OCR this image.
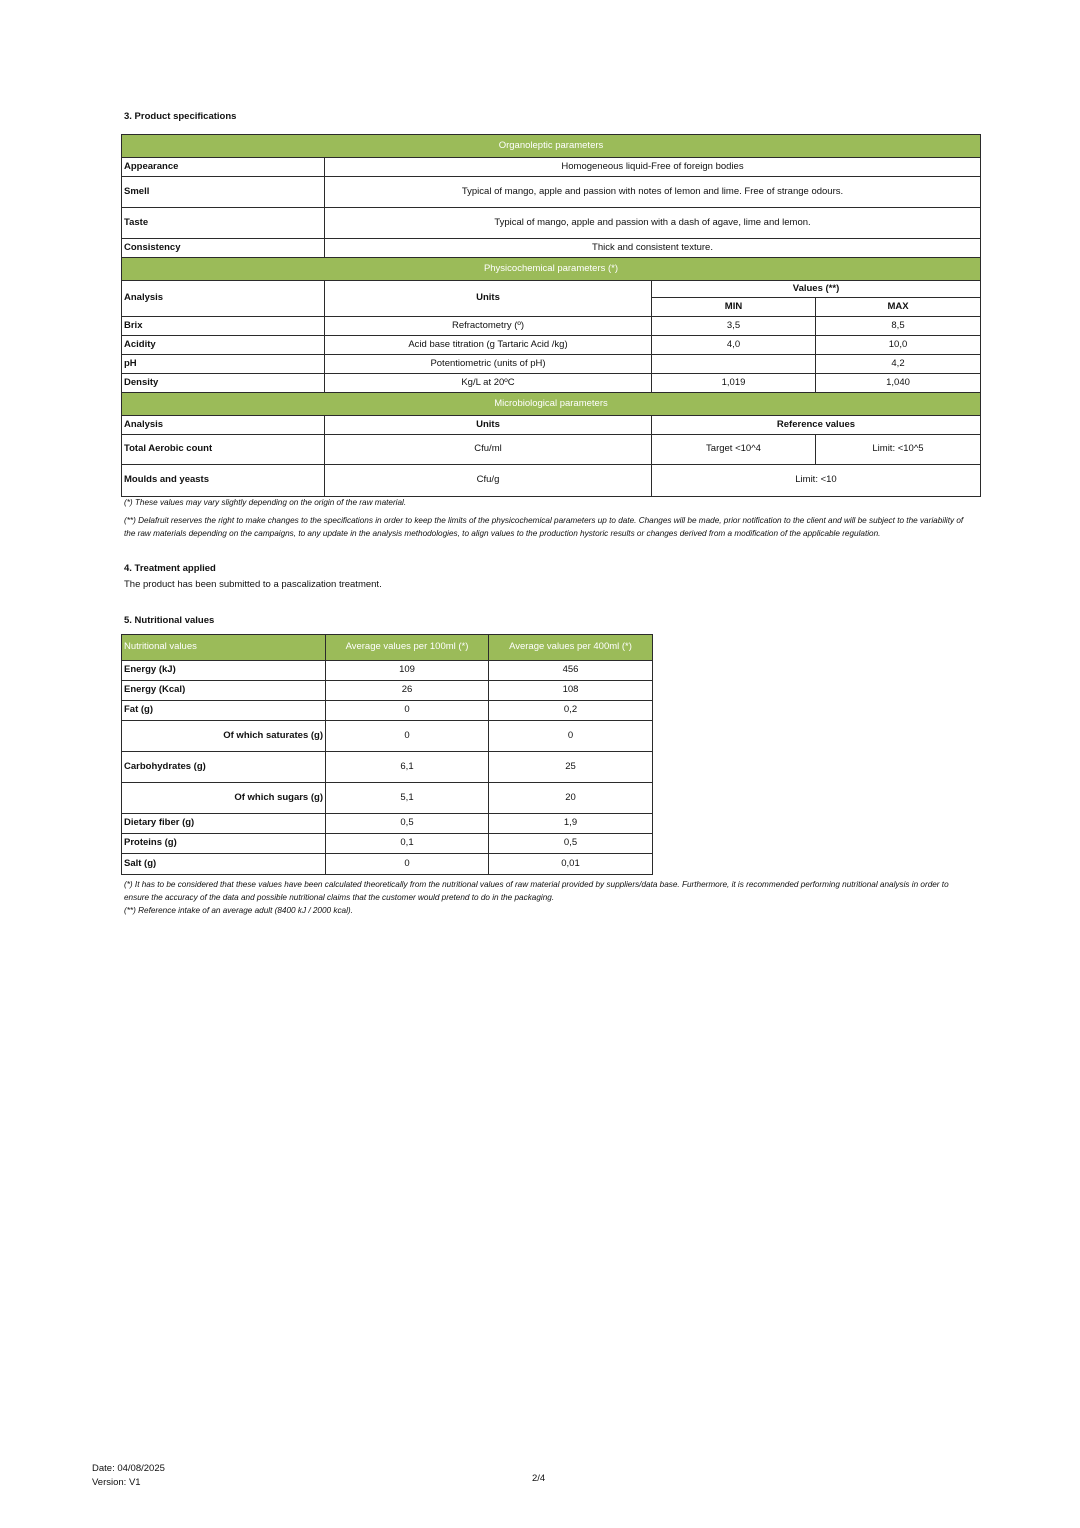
3. Product specifications
Organoleptic parameters			
Appearance	Homogeneous liquid-Free of foreign bodies		
Smell	Typical of mango, apple and passion with notes of lemon and lime. Free of strange odours.		
Taste	Typical of mango, apple and passion with a dash of agave, lime and lemon.		
Consistency	Thick and consistent texture.		
Physicochemical parameters (*)			
Analysis	Units	Values (**)	
		MIN	MAX
Brix	Refractometry (º)	3,5	8,5
Acidity	Acid base titration (g Tartaric Acid /kg)	4,0	10,0
pH	Potentiometric (units of pH)		4,2
Density	Kg/L at 20ºC	1,019	1,040
Microbiological parameters			
Analysis	Units	Reference values	
Total Aerobic count	Cfu/ml	Target <10^4	Limit: <10^5
Moulds and yeasts	Cfu/g	Limit: <10	
(*) These values may vary slightly depending on the origin of the raw material.
(**) Delafruit reserves the right to make changes to the specifications in order to keep the limits of the physicochemical parameters up to date. Changes will be made, prior notification to the client and will be subject to the variability of the raw materials depending on the campaigns, to any update in the analysis methodologies, to align values to the production hystoric results or changes derived from a modification of the applicable regulation.
4. Treatment applied
The product has been submitted to a pascalization treatment.
5. Nutritional values
Nutritional values	Average values per 100ml (*)	Average values per 400ml (*)
Energy (kJ)	109	456
Energy (Kcal)	26	108
Fat (g)	0	0,2
Of which saturates (g)	0	0
Carbohydrates (g)	6,1	25
Of which sugars (g)	5,1	20
Dietary fiber (g)	0,5	1,9
Proteins (g)	0,1	0,5
Salt (g)	0	0,01
(*) It has to be considered that these values have been calculated theoretically from the nutritional values of raw material provided by suppliers/data base. Furthermore, it is recommended performing nutritional analysis in order to ensure the accuracy of the data and possible nutritional claims that the customer would pretend to do in the packaging.
(**) Reference intake of an average adult (8400 kJ / 2000 kcal).
Date: 04/08/2025
Version: V1	2/4
